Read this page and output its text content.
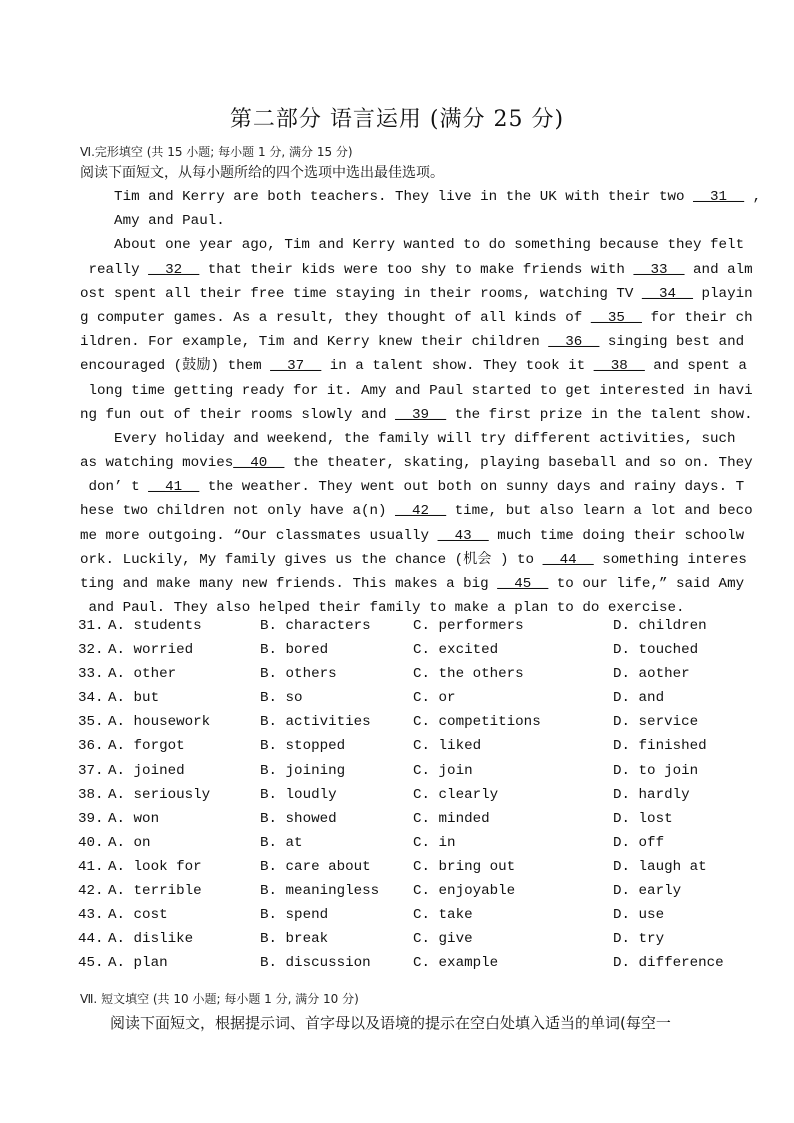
第二部分 语言运用 (满分 25 分)
Ⅵ.完形填空 (共 15 小题; 每小题 1 分, 满分 15 分)
阅读下面短文，从每小题所给的四个选项中选出最佳选项。
Tim and Kerry are both teachers. They live in the UK with their two __31__ ,
Amy and Paul.
About one year ago, Tim and Kerry wanted to do something because they felt
really __32__ that their kids were too shy to make friends with __33__ and alm
ost spent all their free time staying in their rooms, watching TV __34__ playin
g computer games. As a result, they thought of all kinds of __35__ for their ch
ildren. For example, Tim and Kerry knew their children __36__ singing best and
encouraged (鼓励) them __37__ in a talent show. They took it __38__ and spent a
long time getting ready for it. Amy and Paul started to get interested in havi
ng fun out of their rooms slowly and __39__ the first prize in the talent show.
Every holiday and weekend, the family will try different activities, such
as watching movies__40__ the theater, skating, playing baseball and so on. They
don’ t __41__ the weather. They went out both on sunny days and rainy days. T
hese two children not only have a(n) __42__ time, but also learn a lot and beco
me more outgoing. “Our classmates usually __43__ much time doing their schoolw
ork. Luckily, My family gives us the chance (机会 ) to __44__ something interes
ting and make many new friends. This makes a big __45__ to our life,” said Amy
and Paul. They also helped their family to make a plan to do exercise.
31. A. students	B. characters	C. performers	D. children
32. A. worried	B. bored	C. excited	D. touched
33. A. other	B. others	C. the others	D. aother
34. A. but	B. so	C. or	D. and
35. A. housework	B. activities	C. competitions	D. service
36. A. forgot	B. stopped	C. liked	D. finished
37. A. joined	B. joining	C. join	D. to join
38. A. seriously	B. loudly	C. clearly	D. hardly
39. A. won	B. showed	C. minded	D. lost
40. A. on	B. at	C. in	D. off
41. A. look for	B. care about	C. bring out	D. laugh at
42. A. terrible	B. meaningless C. enjoyable	D. early
43. A. cost	B. spend	C. take	D. use
44. A. dislike	B. break	C. give	D. try
45. A. plan	B. discussion	C. example	D. difference
Ⅶ. 短文填空 (共 10 小题; 每小题 1 分, 满分 10 分)
阅读下面短文，根据提示词、首字母以及语境的提示在空白处填入适当的单词(每空一
